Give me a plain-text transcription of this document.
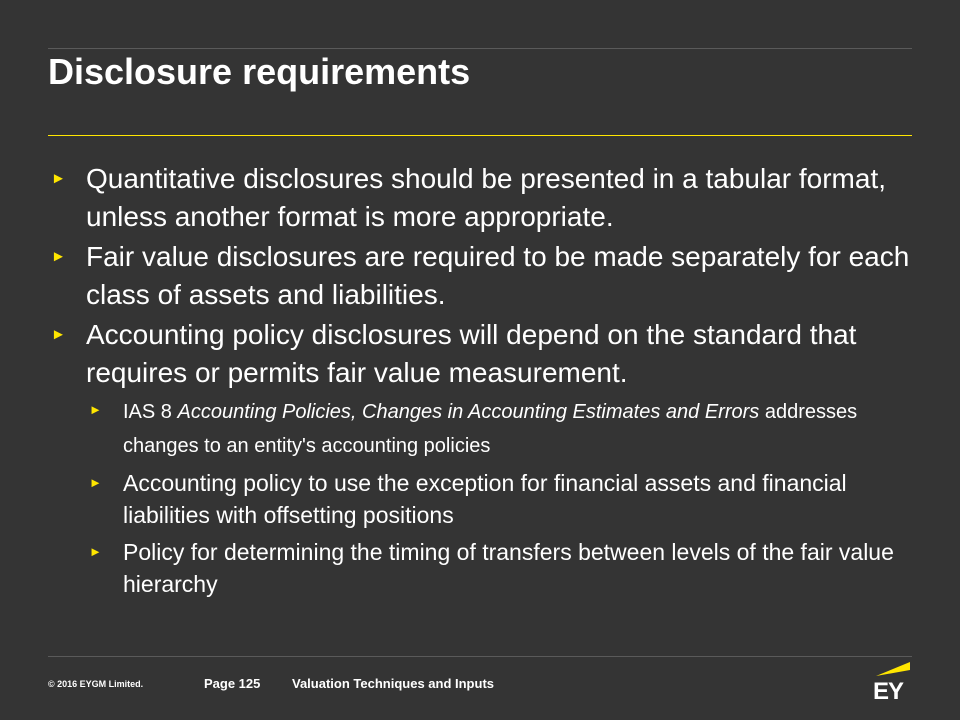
Disclosure requirements
► Quantitative disclosures should be presented in a tabular format, unless another format is more appropriate.
► Fair value disclosures are required to be made separately for each class of assets and liabilities.
► Accounting policy disclosures will depend on the standard that requires or permits fair value measurement.
► IAS 8 Accounting Policies, Changes in Accounting Estimates and Errors addresses changes to an entity's accounting policies
► Accounting policy to use the exception for financial assets and financial liabilities with offsetting positions
► Policy for determining the timing of transfers between levels of the fair value hierarchy
© 2016 EYGM Limited.	Page 125 Valuation Techniques and Inputs	EY
